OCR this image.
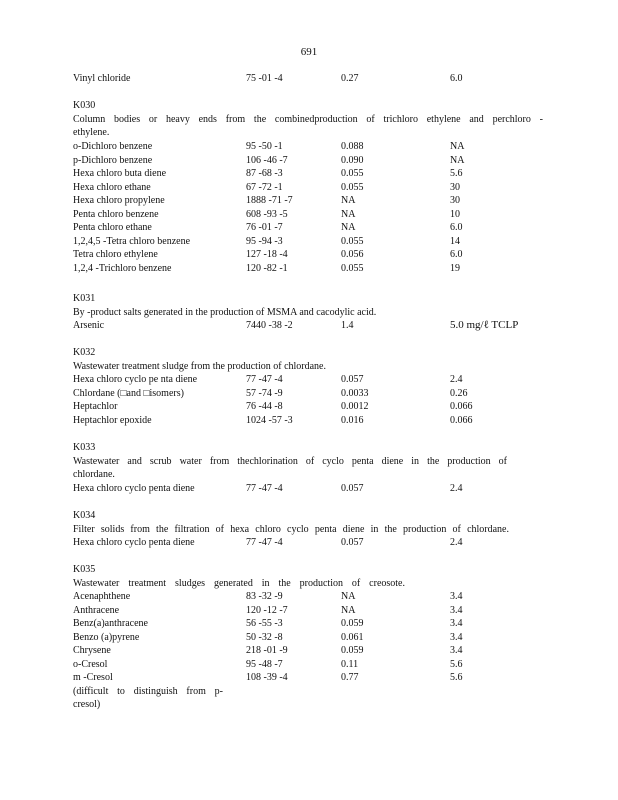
691
Vinyl chloride	75 -01 -4	0.27	6.0
K030
Column bodies or heavy ends from the combinedproduction of trichloro ethylene and perchloro -
ethylene.
o-Dichloro benzene	95 -50 -1	0.088	NA
p-Dichloro benzene	106 -46 -7	0.090	NA
Hexa chloro buta diene	87 -68 -3	0.055	5.6
Hexa chloro ethane	67 -72 -1	0.055	30
Hexa chloro propylene	1888 -71 -7	NA	30
Penta chloro benzene	608 -93 -5	NA	10
Penta chloro ethane	76 -01 -7	NA	6.0
1,2,4,5 -Tetra chloro benzene	95 -94 -3	0.055	14
Tetra chloro ethylene	127 -18 -4	0.056	6.0
1,2,4 -Trichloro benzene	120 -82 -1	0.055	19
K031
By -product salts generated in the production of MSMA and cacodylic acid.
Arsenic	7440 -38 -2	1.4	5.0 mg/ℓ TCLP
K032
Wastewater treatment sludge from the production of chlordane.
Hexa chloro cyclo pe nta diene	77 -47 -4	0.057	2.4
Chlordane (□and □isomers)	57 -74 -9	0.0033	0.26
Heptachlor	76 -44 -8	0.0012	0.066
Heptachlor epoxide	1024 -57 -3	0.016	0.066
K033
Wastewater and scrub water from thechlorination of cyclo penta diene in the production of
chlordane.
Hexa chloro cyclo penta diene	77 -47 -4	0.057	2.4
K034
Filter solids from the filtration of hexa chloro cyclo penta diene in the production of chlordane.
Hexa chloro cyclo penta diene	77 -47 -4	0.057	2.4
K035
Wastewater treatment sludges generated in the production of creosote.
Acenaphthene	83 -32 -9	NA	3.4
Anthracene	120 -12 -7	NA	3.4
Benz(a)anthracene	56 -55 -3	0.059	3.4
Benzo (a)pyrene	50 -32 -8	0.061	3.4
Chrysene	218 -01 -9	0.059	3.4
o-Cresol	95 -48 -7	0.11	5.6
m -Cresol	108 -39 -4	0.77	5.6
(difficult to distinguish from p-
cresol)
